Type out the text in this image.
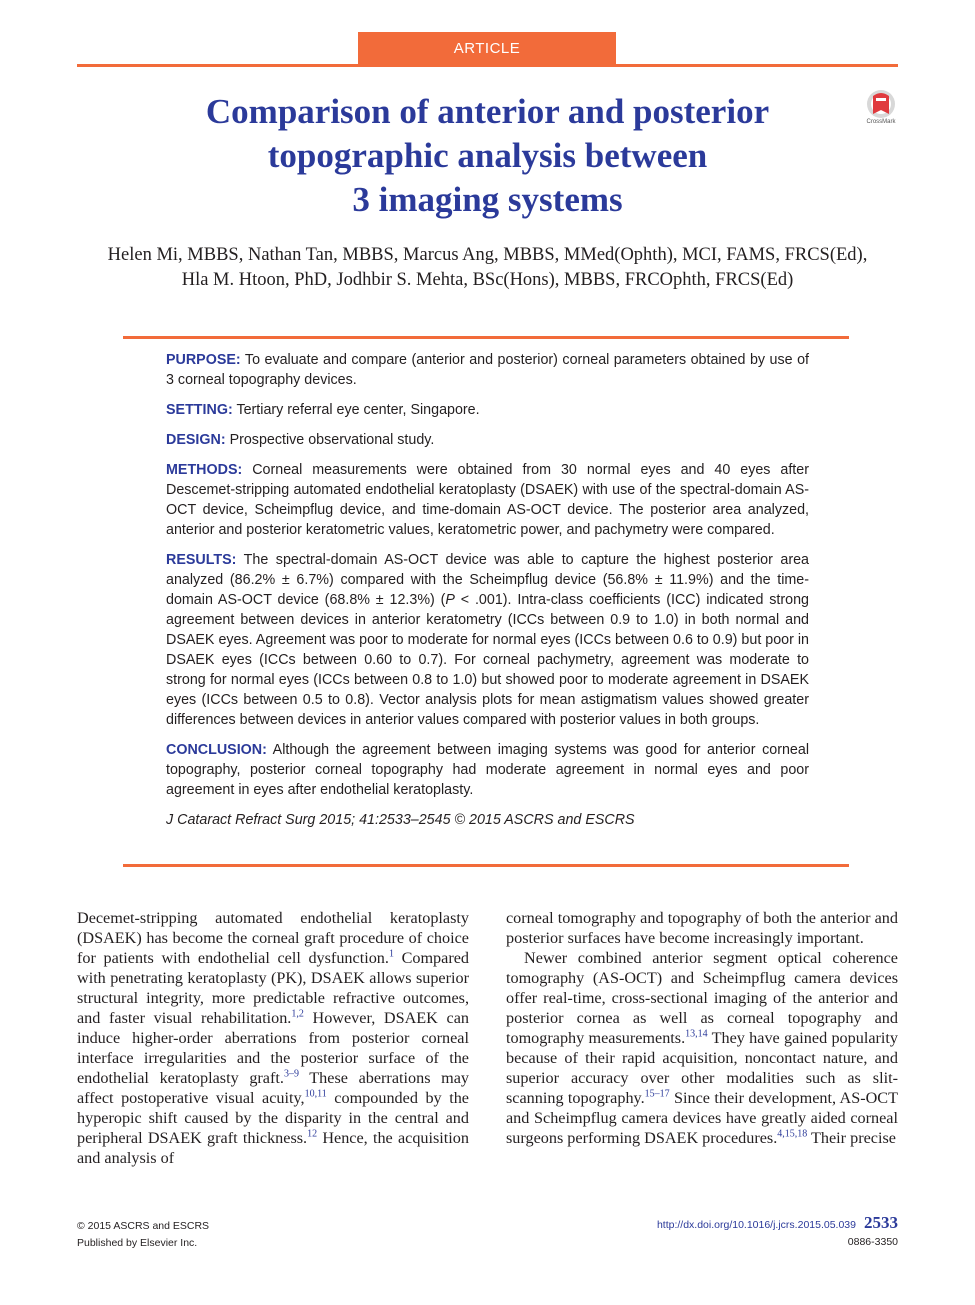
ARTICLE
Comparison of anterior and posterior
topographic analysis between
3 imaging systems
CrossMark
Helen Mi, MBBS, Nathan Tan, MBBS, Marcus Ang, MBBS, MMed(Ophth), MCI, FAMS, FRCS(Ed),
Hla M. Htoon, PhD, Jodhbir S. Mehta, BSc(Hons), MBBS, FRCOphth, FRCS(Ed)

PURPOSE: To evaluate and compare (anterior and posterior) corneal parameters obtained by use of 3 corneal topography devices.

SETTING: Tertiary referral eye center, Singapore.

DESIGN: Prospective observational study.

METHODS: Corneal measurements were obtained from 30 normal eyes and 40 eyes after Descemet-stripping automated endothelial keratoplasty (DSAEK) with use of the spectral-domain AS-OCT device, Scheimpflug device, and time-domain AS-OCT device. The posterior area analyzed, anterior and posterior keratometric values, keratometric power, and pachymetry were compared.

RESULTS: The spectral-domain AS-OCT device was able to capture the highest posterior area analyzed (86.2% ± 6.7%) compared with the Scheimpflug device (56.8% ± 11.9%) and the time-domain AS-OCT device (68.8% ± 12.3%) (P < .001). Intra-class coefficients (ICC) indicated strong agreement between devices in anterior keratometry (ICCs between 0.9 to 1.0) in both normal and DSAEK eyes. Agreement was poor to moderate for normal eyes (ICCs between 0.6 to 0.9) but poor in DSAEK eyes (ICCs between 0.60 to 0.7). For corneal pachymetry, agreement was moderate to strong for normal eyes (ICCs between 0.8 to 1.0) but showed poor to moderate agreement in DSAEK eyes (ICCs between 0.5 to 0.8). Vector analysis plots for mean astigmatism values showed greater differences between devices in anterior values compared with posterior values in both groups.

CONCLUSION: Although the agreement between imaging systems was good for anterior corneal topography, posterior corneal topography had moderate agreement in normal eyes and poor agreement in eyes after endothelial keratoplasty.

J Cataract Refract Surg 2015; 41:2533–2545 © 2015 ASCRS and ESCRS

Decemet-stripping automated endothelial keratoplasty (DSAEK) has become the corneal graft procedure of choice for patients with endothelial cell dysfunction.$^1$ Compared with penetrating keratoplasty (PK), DSAEK allows superior structural integrity, more predictable refractive outcomes, and faster visual rehabilitation.$^{1,2}$ However, DSAEK can induce higher-order aberrations from posterior corneal interface irregularities and the posterior surface of the endothelial keratoplasty graft.$^{3-9}$ These aberrations may affect postoperative visual acuity,$^{10,11}$ compounded by the hyperopic shift caused by the disparity in the central and peripheral DSAEK graft thickness.$^{12}$ Hence, the acquisition and analysis of

corneal tomography and topography of both the anterior and posterior surfaces have become increasingly important.

Newer combined anterior segment optical coherence tomography (AS-OCT) and Scheimpflug camera devices offer real-time, cross-sectional imaging of the anterior and posterior cornea as well as corneal topography and tomography measurements.$^{13,14}$ They have gained popularity because of their rapid acquisition, noncontact nature, and superior accuracy over other modalities such as slit-scanning topography.$^{15-17}$ Since their development, AS-OCT and Scheimpflug camera devices have greatly aided corneal surgeons performing DSAEK procedures.$^{4,15,18}$ Their precise

© 2015 ASCRS and ESCRS
Published by Elsevier Inc.
http://dx.doi.org/10.1016/j.jcrs.2015.05.039 2533
0886-3350
